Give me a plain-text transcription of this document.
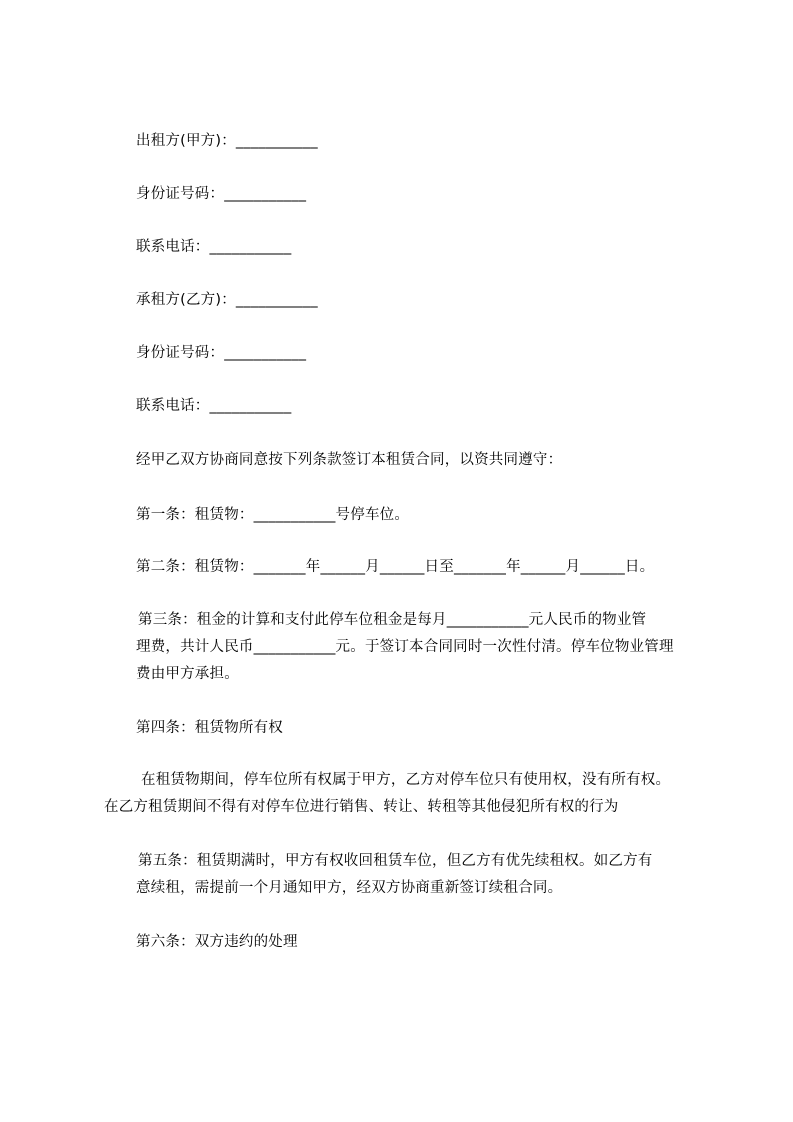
出租方(甲方)：___________
身份证号码：___________
联系电话：___________
承租方(乙方)：___________
身份证号码：___________
联系电话：___________
经甲乙双方协商同意按下列条款签订本租赁合同，以资共同遵守：
第一条：租赁物：___________号停车位。
第二条：租赁物：_______年______月______日至_______年______月______日。
第三条：租金的计算和支付此停车位租金是每月___________元人民币的物业管
理费，共计人民币___________元。于签订本合同同时一次性付清。停车位物业管理
费由甲方承担。
第四条：租赁物所有权
在租赁物期间，停车位所有权属于甲方，乙方对停车位只有使用权，没有所有权。
在乙方租赁期间不得有对停车位进行销售、转让、转租等其他侵犯所有权的行为
第五条：租赁期满时，甲方有权收回租赁车位，但乙方有优先续租权。如乙方有
意续租，需提前一个月通知甲方，经双方协商重新签订续租合同。
第六条：双方违约的处理
